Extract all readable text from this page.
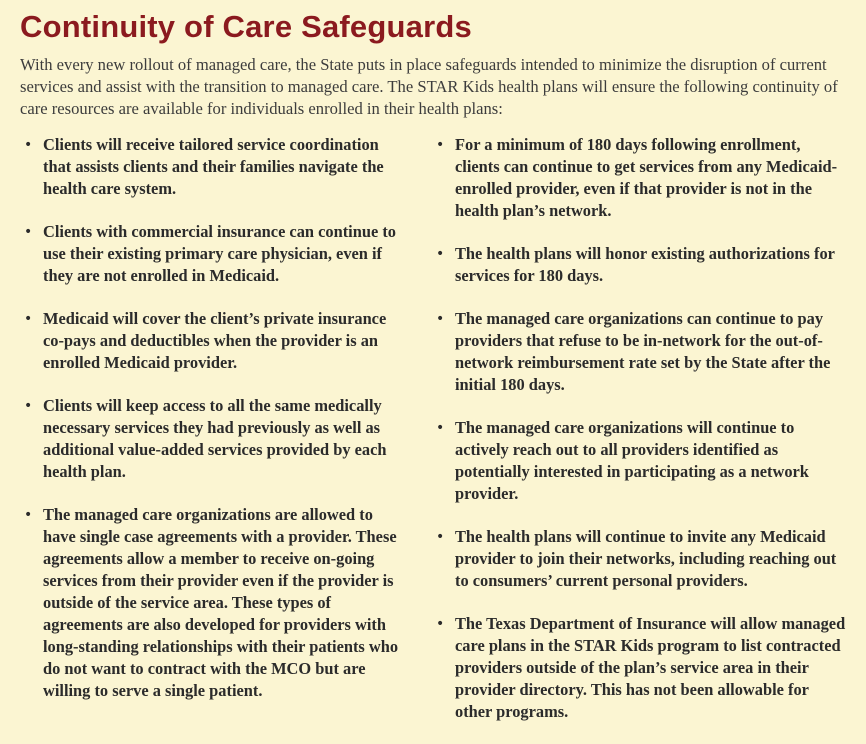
Continuity of Care Safeguards

With every new rollout of managed care, the State puts in place safeguards intended to minimize the disruption of current services and assist with the transition to managed care. The STAR Kids health plans will ensure the following continuity of care resources are available for individuals enrolled in their health plans:

• Clients will receive tailored service coordination that assists clients and their families navigate the health care system.
• Clients with commercial insurance can continue to use their existing primary care physician, even if they are not enrolled in Medicaid.
• Medicaid will cover the client’s private insurance co-pays and deductibles when the provider is an enrolled Medicaid provider.
• Clients will keep access to all the same medically necessary services they had previously as well as additional value-added services provided by each health plan.
• The managed care organizations are allowed to have single case agreements with a provider. These agreements allow a member to receive on-going services from their provider even if the provider is outside of the service area. These types of agreements are also developed for providers with long-standing relationships with their patients who do not want to contract with the MCO but are willing to serve a single patient.
• For a minimum of 180 days following enrollment, clients can continue to get services from any Medicaid-enrolled provider, even if that provider is not in the health plan’s network.
• The health plans will honor existing authorizations for services for 180 days.
• The managed care organizations can continue to pay providers that refuse to be in-network for the out-of-network reimbursement rate set by the State after the initial 180 days.
• The managed care organizations will continue to actively reach out to all providers identified as potentially interested in participating as a network provider.
• The health plans will continue to invite any Medicaid provider to join their networks, including reaching out to consumers’ current personal providers.
• The Texas Department of Insurance will allow managed care plans in the STAR Kids program to list contracted providers outside of the plan’s service area in their provider directory. This has not been allowable for other programs.
